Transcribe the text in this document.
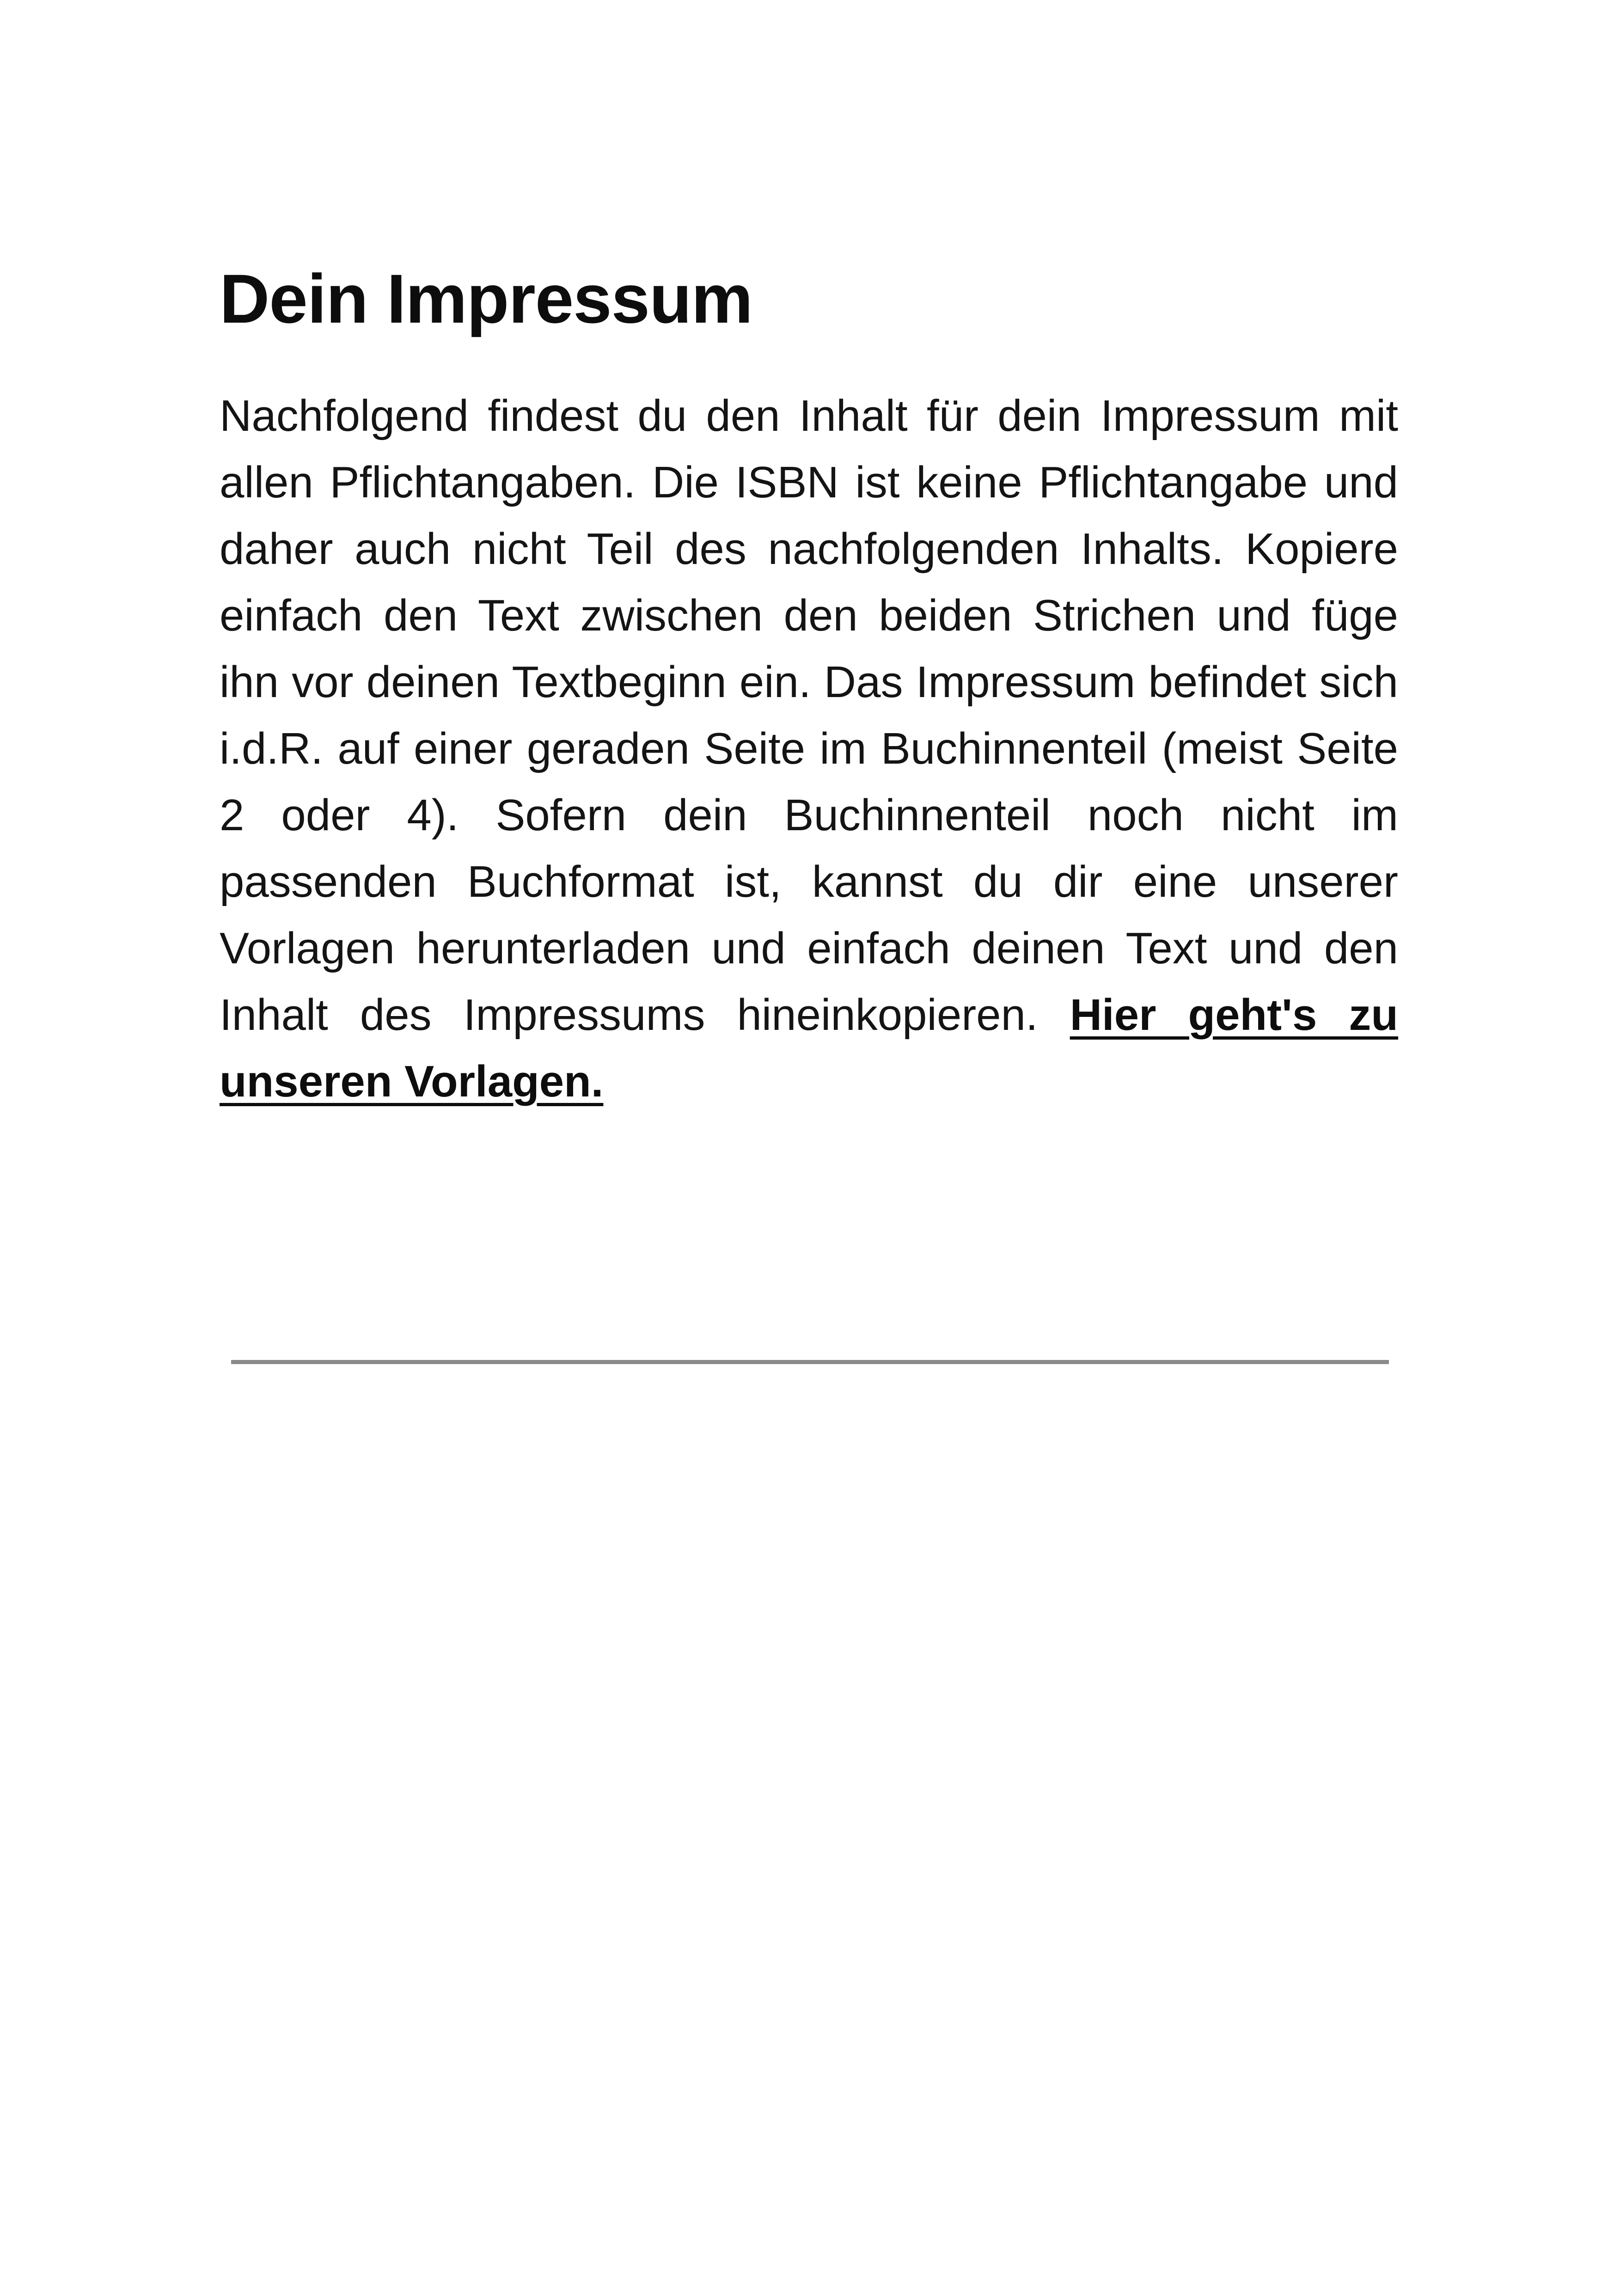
Dein Impressum

Nachfolgend findest du den Inhalt für dein Impressum mit allen Pflichtangaben. Die ISBN ist keine Pflichtangabe und daher auch nicht Teil des nachfolgenden Inhalts. Kopiere einfach den Text zwischen den beiden Strichen und füge ihn vor deinen Textbeginn ein. Das Impressum befindet sich i.d.R. auf einer geraden Seite im Buchinnenteil (meist Seite 2 oder 4). Sofern dein Buchinnenteil noch nicht im passenden Buchformat ist, kannst du dir eine unserer Vorlagen herunterladen und einfach deinen Text und den Inhalt des Impressums hineinkopieren. Hier geht's zu unseren Vorlagen.
